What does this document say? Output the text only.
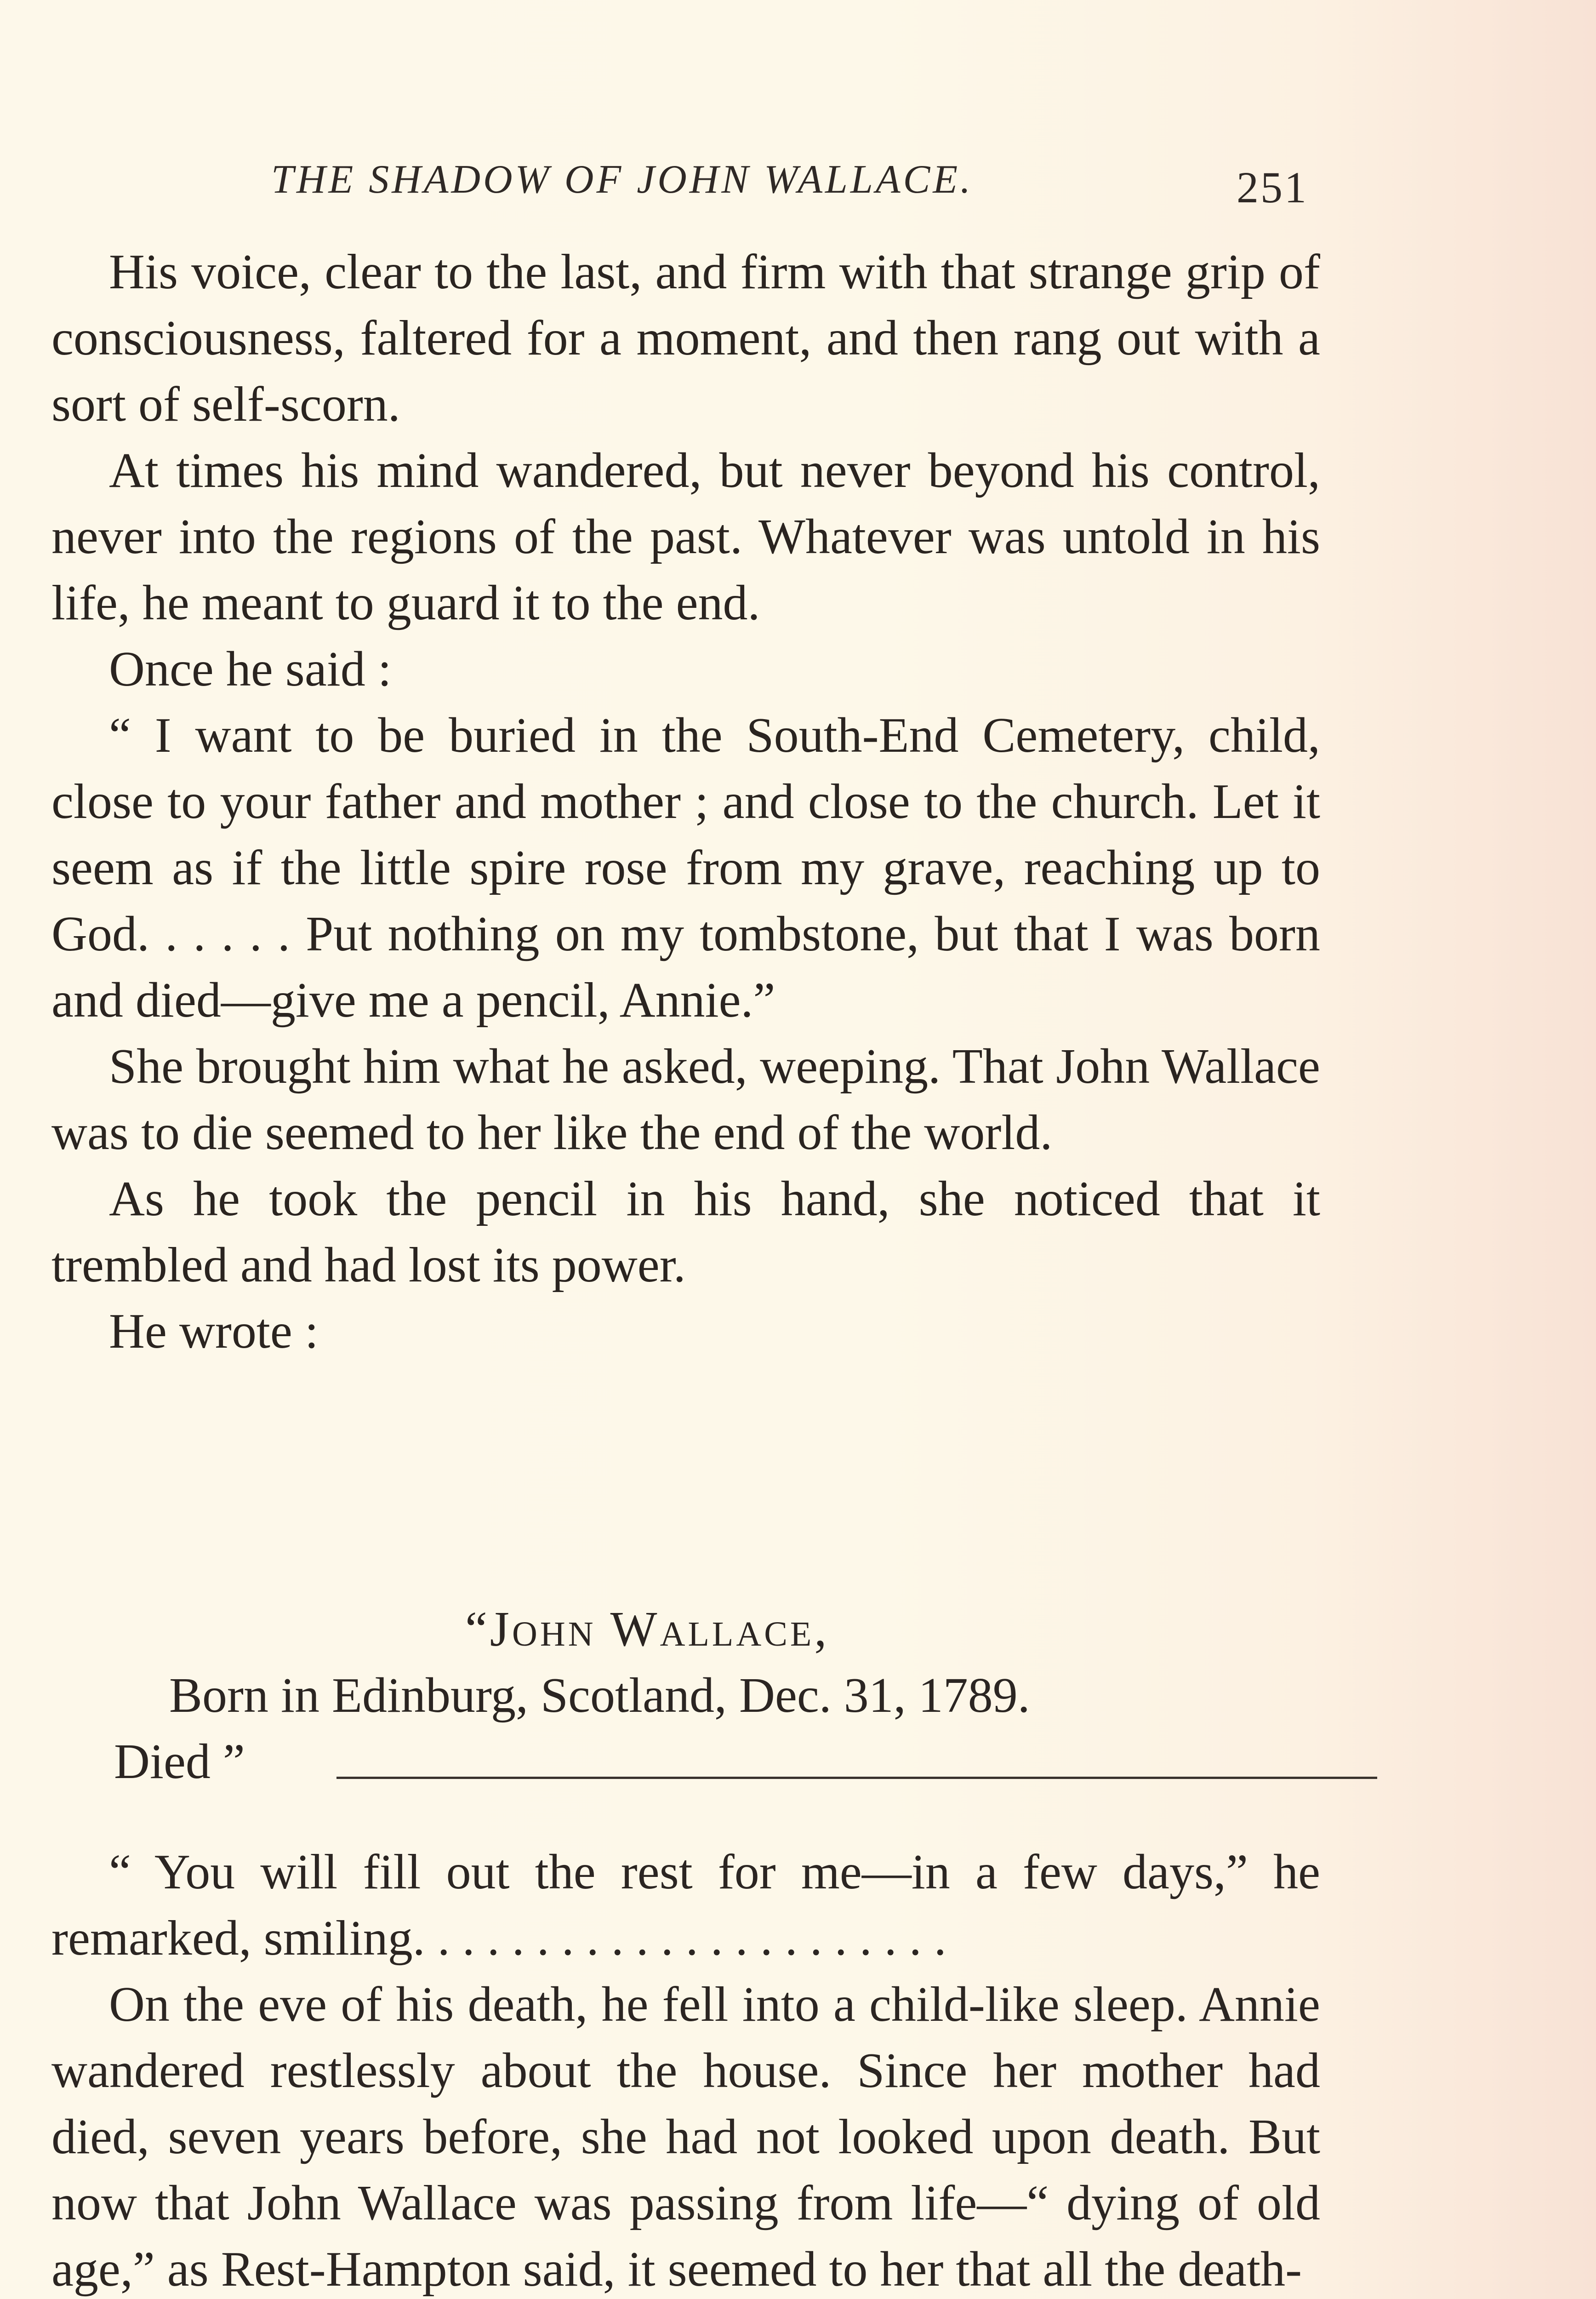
THE SHADOW OF JOHN WALLACE.	251

His voice, clear to the last, and firm with that strange grip of consciousness, faltered for a moment, and then rang out with a sort of self-scorn.

At times his mind wandered, but never beyond his control, never into the regions of the past. Whatever was untold in his life, he meant to guard it to the end.

Once he said :

“ I want to be buried in the South-End Cemetery, child, close to your father and mother ; and close to the church. Let it seem as if the little spire rose from my grave, reaching up to God. . . . . . Put nothing on my tombstone, but that I was born and died—give me a pencil, Annie.”

She brought him what he asked, weeping. That John Wallace was to die seemed to her like the end of the world.

As he took the pencil in his hand, she noticed that it trembled and had lost its power.

He wrote :

“John Wallace,
Born in Edinburg, Scotland, Dec. 31, 1789.
Died ”

“ You will fill out the rest for me—in a few days,” he remarked, smiling. . . . . . . . . . . . . . . . . . . . . .

On the eve of his death, he fell into a child-like sleep. Annie wandered restlessly about the house. Since her mother had died, seven years before, she had not looked upon death. But now that John Wallace was passing from life—“ dying of old age,” as Rest-Hampton said, it seemed to her that all the death-
